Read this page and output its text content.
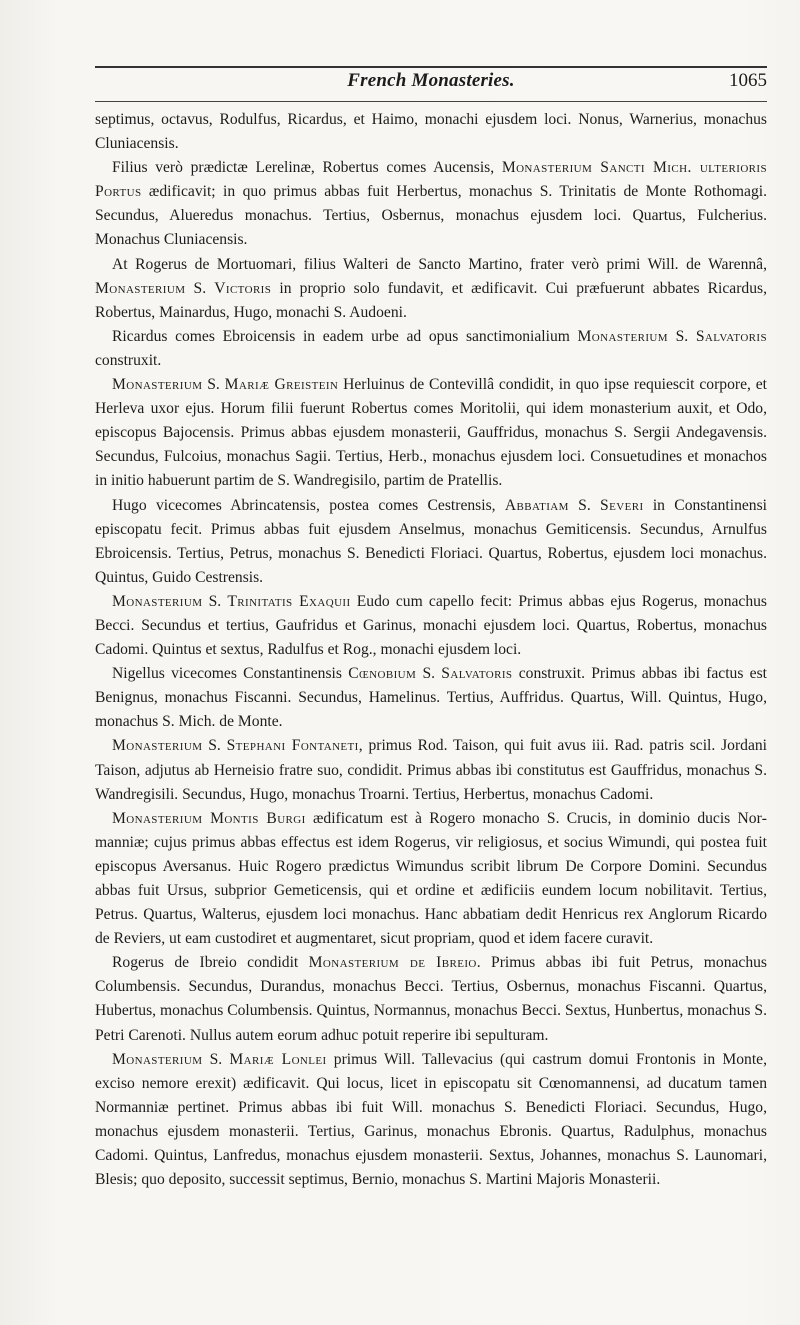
French Monasteries.	1065

septimus, octavus, Rodulfus, Ricardus, et Haimo, monachi ejusdem loci. Nonus, Warnerius, monachus Cluniacensis.

Filius verò prædictæ Lerelinæ, Robertus comes Aucensis, Monasterium Sancti Mich. ulterioris Portus ædificavit; in quo primus abbas fuit Herbertus, monachus S. Trinitatis de Monte Rothomagi. Secundus, Alueredus monachus. Tertius, Osbernus, monachus ejusdem loci. Quartus, Fulcherius. Monachus Cluniacensis.

At Rogerus de Mortuomari, filius Walteri de Sancto Martino, frater verò primi Will. de Warennâ, Monasterium S. Victoris in proprio solo fundavit, et ædificavit. Cui præfuerunt abbates Ricardus, Robertus, Mainardus, Hugo, monachi S. Audoeni.

Ricardus comes Ebroicensis in eadem urbe ad opus sanctimonialium Monasterium S. Salvatoris construxit.

Monasterium S. Mariæ Greistein Herluinus de Contevillâ condidit, in quo ipse requiescit corpore, et Herleva uxor ejus. Horum filii fuerunt Robertus comes Moritolii, qui idem monasterium auxit, et Odo, episcopus Bajocensis. Primus abbas ejusdem monasterii, Gauffridus, monachus S. Sergii Andegavensis. Secundus, Fulcoius, monachus Sagii. Tertius, Herb., monachus ejusdem loci. Consuetudines et monachos in initio habuerunt partim de S. Wandregisilo, partim de Pratellis.

Hugo vicecomes Abrincatensis, postea comes Cestrensis, Abbatiam S. Severi in Constantinensi episcopatu fecit. Primus abbas fuit ejusdem Anselmus, monachus Gemiticensis. Secundus, Arnulfus Ebroicensis. Tertius, Petrus, monachus S. Benedicti Floriaci. Quartus, Robertus, ejusdem loci monachus. Quintus, Guido Cestrensis.

Monasterium S. Trinitatis Exaquii Eudo cum capello fecit: Primus abbas ejus Rogerus, monachus Becci. Secundus et tertius, Gaufridus et Garinus, monachi ejusdem loci. Quartus, Robertus, monachus Cadomi. Quintus et sextus, Radulfus et Rog., monachi ejusdem loci.

Nigellus vicecomes Constantinensis Cœnobium S. Salvatoris construxit. Primus abbas ibi factus est Benignus, monachus Fiscanni. Secundus, Hamelinus. Tertius, Auffridus. Quartus, Will. Quintus, Hugo, monachus S. Mich. de Monte.

Monasterium S. Stephani Fontaneti, primus Rod. Taison, qui fuit avus iii. Rad. patris scil. Jordani Taison, adjutus ab Herneisio fratre suo, condidit. Primus abbas ibi constitutus est Gauffridus, monachus S. Wandregisili. Secundus, Hugo, monachus Troarni. Tertius, Herbertus, monachus Cadomi.

Monasterium Montis Burgi ædificatum est à Rogero monacho S. Crucis, in dominio ducis Normanniæ; cujus primus abbas effectus est idem Rogerus, vir religiosus, et socius Wimundi, qui postea fuit episcopus Aversanus. Huic Rogero prædictus Wimundus scribit librum De Corpore Domini. Secundus abbas fuit Ursus, subprior Gemeticensis, qui et ordine et ædificiis eundem locum nobilitavit. Tertius, Petrus. Quartus, Walterus, ejusdem loci monachus. Hanc abbatiam dedit Henricus rex Anglorum Ricardo de Reviers, ut eam custodiret et augmentaret, sicut propriam, quod et idem facere curavit.

Rogerus de Ibreio condidit Monasterium de Ibreio. Primus abbas ibi fuit Petrus, monachus Columbensis. Secundus, Durandus, monachus Becci. Tertius, Osbernus, monachus Fiscanni. Quartus, Hubertus, monachus Columbensis. Quintus, Normannus, monachus Becci. Sextus, Hunbertus, monachus S. Petri Carenoti. Nullus autem eorum adhuc potuit reperire ibi sepulturam.

Monasterium S. Mariæ Lonlei primus Will. Tallevacius (qui castrum domui Frontonis in Monte, exciso nemore erexit) ædificavit. Qui locus, licet in episcopatu sit Cœnomannensi, ad ducatum tamen Normanniæ pertinet. Primus abbas ibi fuit Will. monachus S. Benedicti Floriaci. Secundus, Hugo, monachus ejusdem monasterii. Tertius, Garinus, monachus Ebronis. Quartus, Radulphus, monachus Cadomi. Quintus, Lanfredus, monachus ejusdem monasterii. Sextus, Johannes, monachus S. Launomari, Blesis; quo deposito, successit septimus, Bernio, monachus S. Martini Majoris Monasterii.
